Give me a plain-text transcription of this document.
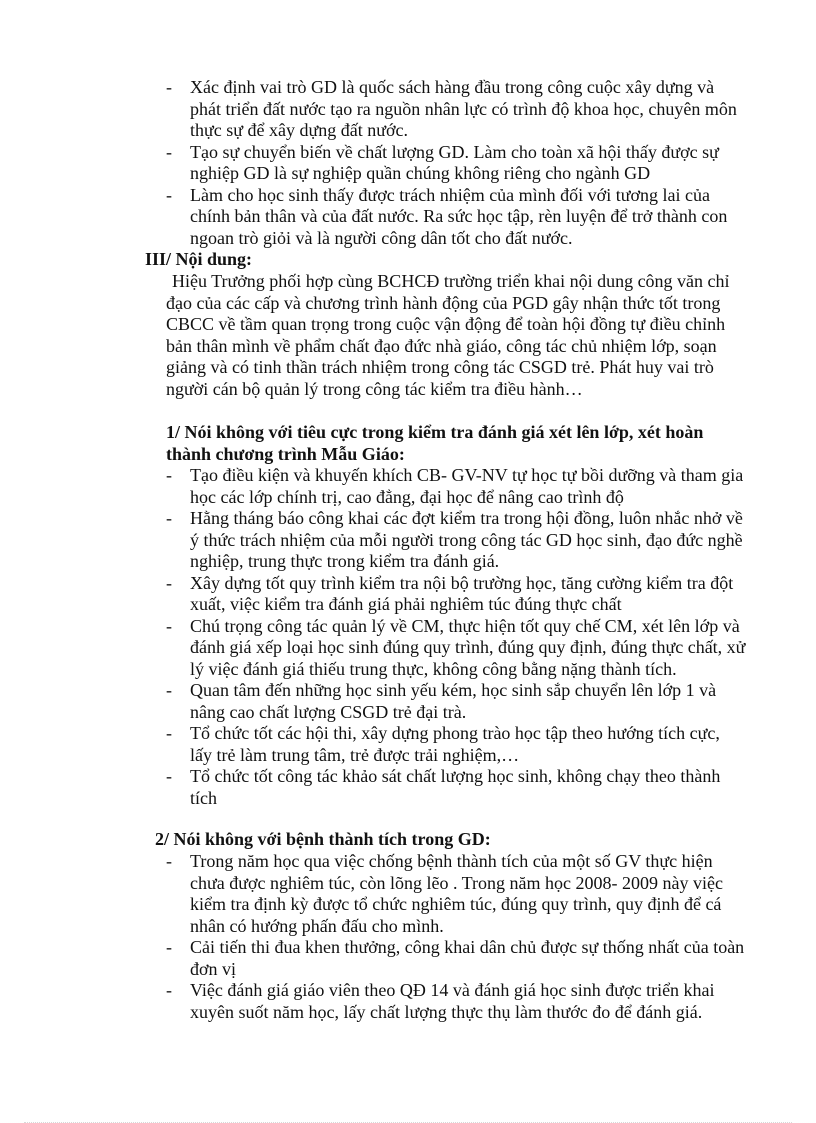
- Xác định vai trò GD là quốc sách hàng đầu trong công cuộc xây dựng và phát triển đất nước tạo ra nguồn nhân lực có trình độ khoa học, chuyên môn thực sự để xây dựng đất nước.
- Tạo sự chuyển biến về chất lượng GD. Làm cho toàn xã hội thấy được sự nghiệp GD là sự nghiệp quần chúng không riêng cho ngành GD
- Làm cho học sinh thấy được trách nhiệm của mình đối với tương lai của chính bản thân và của đất nước. Ra sức học tập, rèn luyện để trở thành con ngoan trò giỏi và là người công dân tốt cho đất nước.
III/ Nội dung:
Hiệu Trưởng phối hợp cùng BCHCĐ trường triển khai nội dung công văn chỉ đạo của các cấp và chương trình hành động của PGD gây nhận thức tốt trong CBCC về tầm quan trọng trong cuộc vận động để toàn hội đồng tự điều chỉnh bản thân mình về phẩm chất đạo đức nhà giáo, công tác chủ nhiệm lớp, soạn giảng và có tinh thần trách nhiệm trong công tác CSGD trẻ. Phát huy vai trò người cán bộ quản lý trong công tác kiểm tra điều hành…
1/ Nói không với tiêu cực trong kiểm tra đánh giá xét lên lớp, xét hoàn thành chương trình Mẫu Giáo:
- Tạo điều kiện và khuyến khích CB- GV-NV tự học tự bồi dưỡng và tham gia học các lớp chính trị, cao đẳng, đại học để nâng cao trình độ
- Hằng tháng báo công khai các đợt kiểm tra trong hội đồng, luôn nhắc nhở về ý thức trách nhiệm của mỗi người trong công tác GD học sinh, đạo đức nghề nghiệp, trung thực trong kiểm tra đánh giá.
- Xây dựng tốt quy trình kiểm tra nội bộ trường học, tăng cường kiểm tra đột xuất, việc kiểm tra đánh giá phải nghiêm túc đúng thực chất
- Chú trọng công tác quản lý về CM, thực hiện tốt quy chế CM, xét lên lớp và đánh giá xếp loại học sinh đúng quy trình, đúng quy định, đúng thực chất, xử lý việc đánh giá thiếu trung thực, không công bằng nặng thành tích.
- Quan tâm đến những học sinh yếu kém, học sinh sắp chuyển lên lớp 1 và nâng cao chất lượng CSGD trẻ đại trà.
- Tổ chức tốt các hội thi, xây dựng phong trào học tập theo hướng tích cực, lấy trẻ làm trung tâm, trẻ được trải nghiệm,…
- Tổ chức tốt công tác khảo sát chất lượng học sinh, không chạy theo thành tích
2/ Nói không với bệnh thành tích trong GD:
- Trong năm học qua việc chống bệnh thành tích của một số GV thực hiện chưa được nghiêm túc, còn lõng lẽo . Trong năm học 2008- 2009 này việc kiểm tra định kỳ được tổ chức nghiêm túc, đúng quy trình, quy định để cá nhân có hướng phấn đấu cho mình.
- Cải tiến thi đua khen thưởng, công khai dân chủ được sự thống nhất của toàn đơn vị
- Việc đánh giá giáo viên theo QĐ 14 và đánh giá học sinh được triển khai xuyên suốt năm học, lấy chất lượng thực thụ làm thước đo để đánh giá.
